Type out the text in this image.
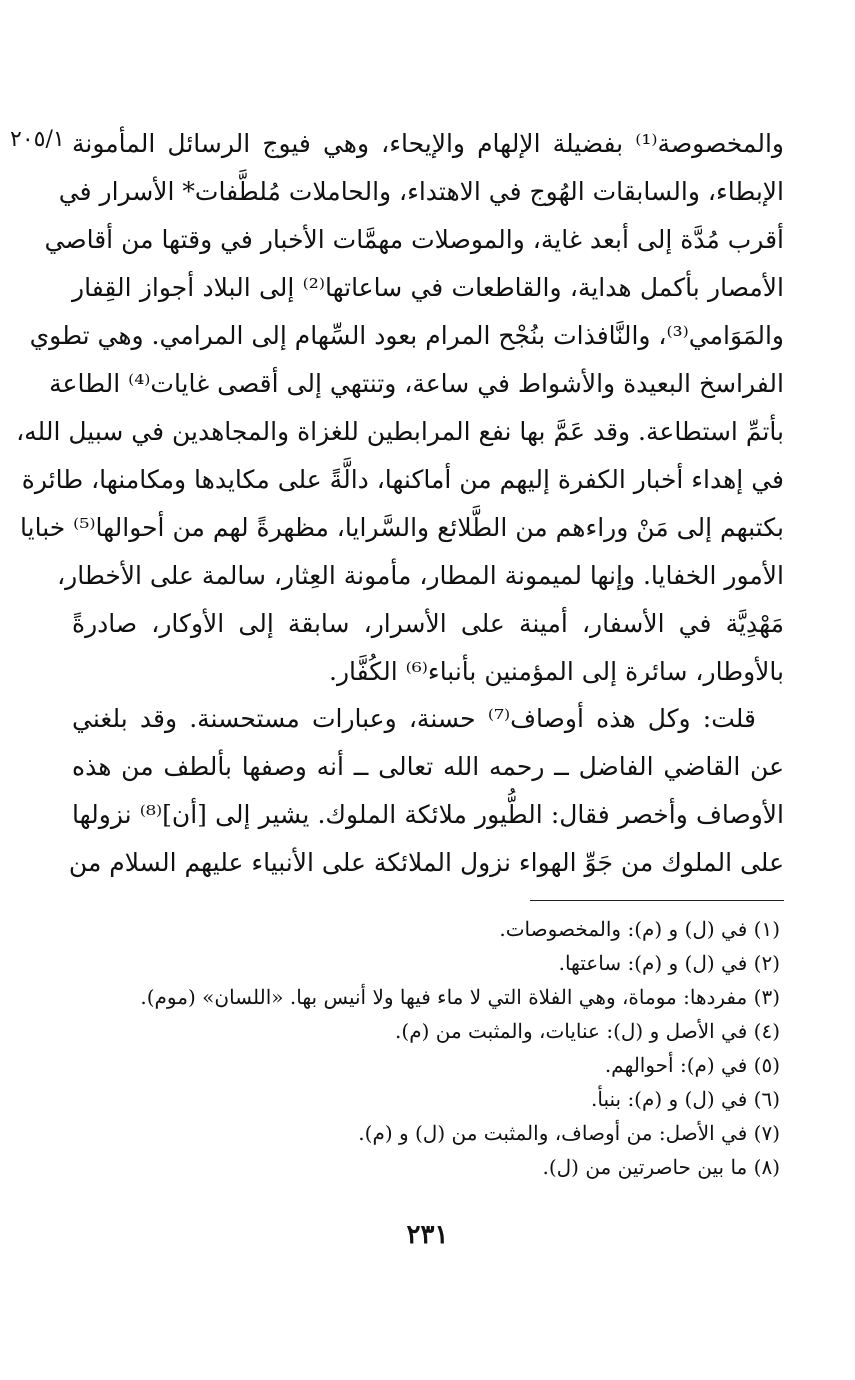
٢٠٥/١ والمخصوصة⁽¹⁾ بفضيلة الإلهام والإيحاء، وهي فيوج الرسائل المأمونة
الإبطاء، والسابقات الهُوج في الاهتداء، والحاملات مُلطَّفات* الأسرار في
أقرب مُدَّة إلى أبعد غاية، والموصلات مهمَّات الأخبار في وقتها من أقاصي
الأمصار بأكمل هداية، والقاطعات في ساعاتها⁽²⁾ إلى البلاد أجواز القِفار
والمَوَامي⁽³⁾، والنَّافذات بنُجْح المرام بعود السِّهام إلى المرامي. وهي تطوي
الفراسخ البعيدة والأشواط في ساعة، وتنتهي إلى أقصى غايات⁽⁴⁾ الطاعة
بأتمِّ استطاعة. وقد عَمَّ بها نفع المرابطين للغزاة والمجاهدين في سبيل الله،
في إهداء أخبار الكفرة إليهم من أماكنها، دالَّةً على مكايدها ومكامنها، طائرة
بكتبهم إلى مَنْ وراءهم من الطَّلائع والسَّرايا، مظهرةً لهم من أحوالها⁽⁵⁾ خبايا
الأمور الخفايا. وإنها لميمونة المطار، مأمونة العِثار، سالمة على الأخطار،
مَهْدِيَّة في الأسفار، أمينة على الأسرار، سابقة إلى الأوكار، صادرةً
بالأوطار، سائرة إلى المؤمنين بأنباء⁽⁶⁾ الكُفَّار.
قلت: وكل هذه أوصاف⁽⁷⁾ حسنة، وعبارات مستحسنة. وقد بلغني
عن القاضي الفاضل ــ رحمه الله تعالى ــ أنه وصفها بألطف من هذه
الأوصاف وأخصر فقال: الطُّيور ملائكة الملوك. يشير إلى [أن]⁽⁸⁾ نزولها
على الملوك من جَوِّ الهواء نزول الملائكة على الأنبياء عليهم السلام من
(١) في (ل) و (م): والمخصوصات.
(٢) في (ل) و (م): ساعتها.
(٣) مفردها: موماة، وهي الفلاة التي لا ماء فيها ولا أنيس بها. «اللسان» (موم).
(٤) في الأصل و (ل): عنايات، والمثبت من (م).
(٥) في (م): أحوالهم.
(٦) في (ل) و (م): بنبأ.
(٧) في الأصل: من أوصاف، والمثبت من (ل) و (م).
(٨) ما بين حاصرتين من (ل).
٢٣١
